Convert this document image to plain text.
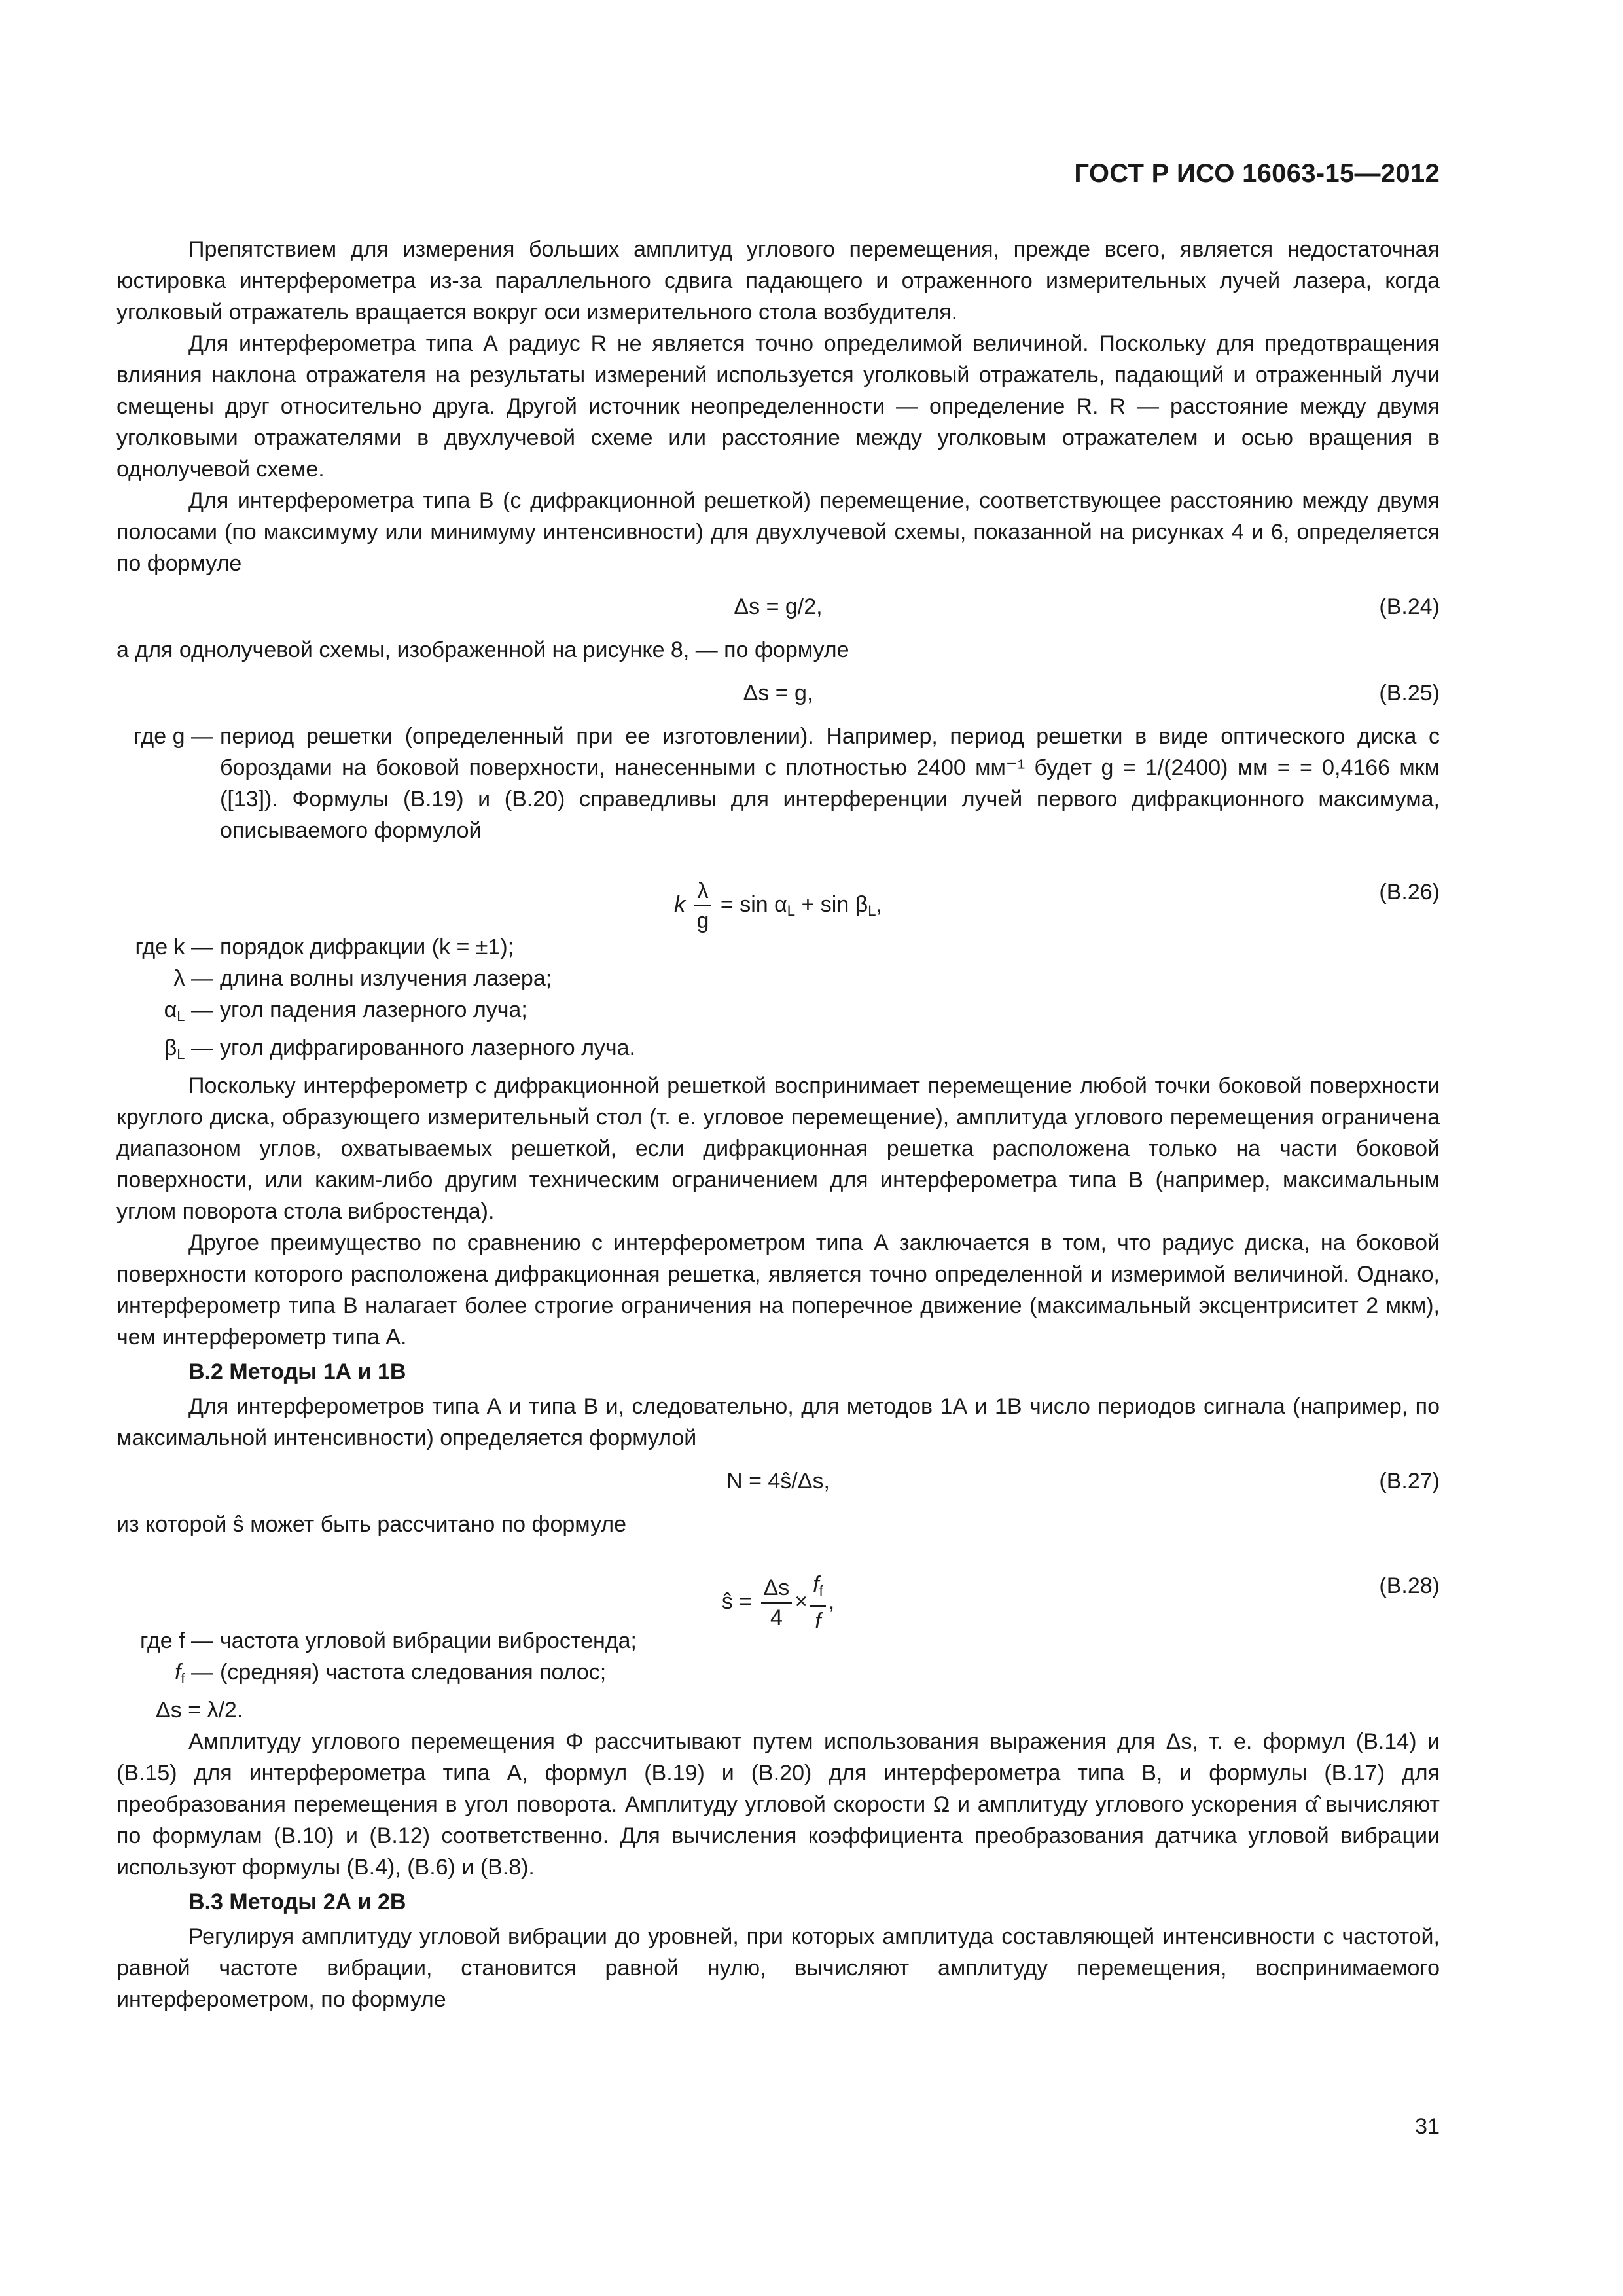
ГОСТ Р ИСО 16063-15—2012

Препятствием для измерения больших амплитуд углового перемещения, прежде всего, является недостаточная юстировка интерферометра из-за параллельного сдвига падающего и отраженного измерительных лучей лазера, когда уголковый отражатель вращается вокруг оси измерительного стола возбудителя.

Для интерферометра типа А радиус R не является точно определимой величиной. Поскольку для предотвращения влияния наклона отражателя на результаты измерений используется уголковый отражатель, падающий и отраженный лучи смещены друг относительно друга. Другой источник неопределенности — определение R. R — расстояние между двумя уголковыми отражателями в двухлучевой схеме или расстояние между уголковым отражателем и осью вращения в однолучевой схеме.

Для интерферометра типа В (с дифракционной решеткой) перемещение, соответствующее расстоянию между двумя полосами (по максимуму или минимуму интенсивности) для двухлучевой схемы, показанной на рисунках 4 и 6, определяется по формуле

Δs = g/2,	(В.24)

а для однолучевой схемы, изображенной на рисунке 8, — по формуле

Δs = g,	(В.25)
где g — период решетки (определенный при ее изготовлении). Например, период решетки в виде оптического диска с бороздами на боковой поверхности, нанесенными с плотностью 2400 мм⁻¹ будет g = 1/(2400) мм = = 0,4166 мкм ([13]). Формулы (В.19) и (В.20) справедливы для интерференции лучей первого дифракционного максимума, описываемого формулой
k $\frac{\lambda}{g} = \sin \alpha_L + \sin \beta_L$,	(В.26)
где k — порядок дифракции (k = ±1);
λ — длина волны излучения лазера;
$\alpha_L$ — угол падения лазерного луча;
$\beta_L$ — угол дифрагированного лазерного луча.

Поскольку интерферометр с дифракционной решеткой воспринимает перемещение любой точки боковой поверхности круглого диска, образующего измерительный стол (т. е. угловое перемещение), амплитуда углового перемещения ограничена диапазоном углов, охватываемых решеткой, если дифракционная решетка расположена только на части боковой поверхности, или каким-либо другим техническим ограничением для интерферометра типа В (например, максимальным углом поворота стола вибростенда).

Другое преимущество по сравнению с интерферометром типа А заключается в том, что радиус диска, на боковой поверхности которого расположена дифракционная решетка, является точно определенной и измеримой величиной. Однако, интерферометр типа В налагает более строгие ограничения на поперечное движение (максимальный эксцентриситет 2 мкм), чем интерферометр типа А.

В.2 Методы 1А и 1В

Для интерферометров типа А и типа В и, следовательно, для методов 1А и 1В число периодов сигнала (например, по максимальной интенсивности) определяется формулой

N = 4ŝ/Δs,	(В.27)

из которой ŝ может быть рассчитано по формуле

ŝ = $\frac{\Delta s}{4} \times \frac{f_f}{f}$ ,
(В.28)
где f — частота угловой вибрации вибростенда;
$f_f$ — (средняя) частота следования полос;
Δs = λ/2.

Амплитуду углового перемещения Φ рассчитывают путем использования выражения для Δs, т. е. формул (В.14) и (В.15) для интерферометра типа А, формул (В.19) и (В.20) для интерферометра типа В, и формулы (В.17) для преобразования перемещения в угол поворота. Амплитуду угловой скорости Ω и амплитуду углового ускорения α̂ вычисляют по формулам (В.10) и (В.12) соответственно. Для вычисления коэффициента преобразования датчика угловой вибрации используют формулы (В.4), (В.6) и (В.8).

В.3 Методы 2А и 2В

Регулируя амплитуду угловой вибрации до уровней, при которых амплитуда составляющей интенсивности с частотой, равной частоте вибрации, становится равной нулю, вычисляют амплитуду перемещения, воспринимаемого интерферометром, по формуле

31
